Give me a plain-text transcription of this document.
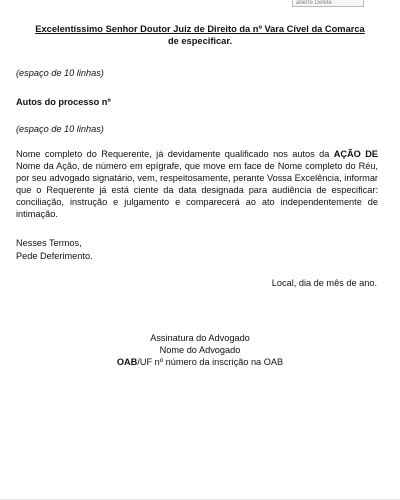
aberte Delete
Excelentíssimo Senhor Doutor Juiz de Direito da nº Vara Cível da Comarca
de especificar.
(espaço de 10 linhas)
Autos do processo nº
(espaço de 10 linhas)
Nome completo do Requerente, já devidamente qualificado nos autos da AÇÃO DE Nome da Ação, de número em epígrafe, que move em face de Nome completo do Réu, por seu advogado signatário, vem, respeitosamente, perante Vossa Excelência, informar que o Requerente já está ciente da data designada para audiência de especificar: conciliação, instrução e julgamento e comparecerá ao ato independentemente de intimação.
Nesses Termos,
Pede Deferimento.
Local, dia de mês de ano.
Assinatura do Advogado
Nome do Advogado
OAB/UF nº número da inscrição na OAB
